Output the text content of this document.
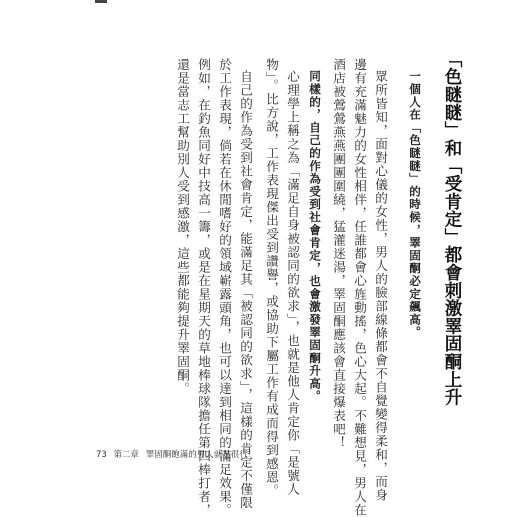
「色瞇瞇」和「受肯定」都會刺激睪固酮上升
一個人在「色瞇瞇」的時候，睪固酮必定飆高。
眾所皆知，面對心儀的女性，男人的臉部線條都會不自覺變得柔和，而身
邊有充滿魅力的女性相伴，任誰都會心旌動搖，色心大起。不難想見，男人在
酒店被鶯鶯燕燕團團圍繞，猛灌迷湯，睪固酮應該會直接爆表吧！
同樣的，自己的作為受到社會肯定，也會激發睪固酮升高。
心理學上稱之為「滿足自身被認同的欲求」，也就是他人肯定你「是號人
物」。比方說，工作表現傑出受到讚譽，或協助下屬工作有成而得到感恩。
自己的作為受到社會肯定，能滿足其「被認同的欲求」，這樣的肯定不僅限
於工作表現，倘若在休閒嗜好的領域嶄露頭角，也可以達到相同的滿足效果。
例如，在釣魚同好中技高一籌，或是在星期天的草地棒球隊擔任第四棒打者，
還是當志工幫助別人受到感激，這些都能夠提升睪固酮。
73 第二章 睪固酮飽滿的男人就是很行！
